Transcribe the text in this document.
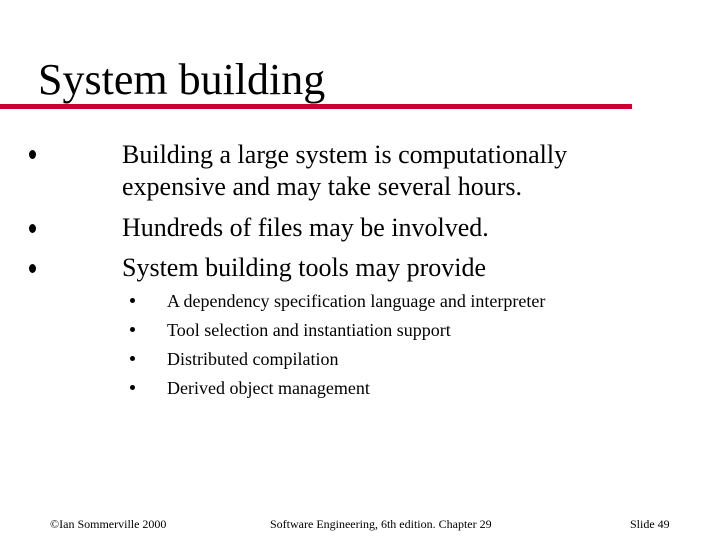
System building
Building a large system is computationally
expensive and may take several hours.
Hundreds of files may be involved.
System building tools may provide
A dependency specification language and interpreter
Tool selection and instantiation support
Distributed compilation
Derived object management
©Ian Sommerville 2000	Software Engineering, 6th edition. Chapter 29	Slide 49
